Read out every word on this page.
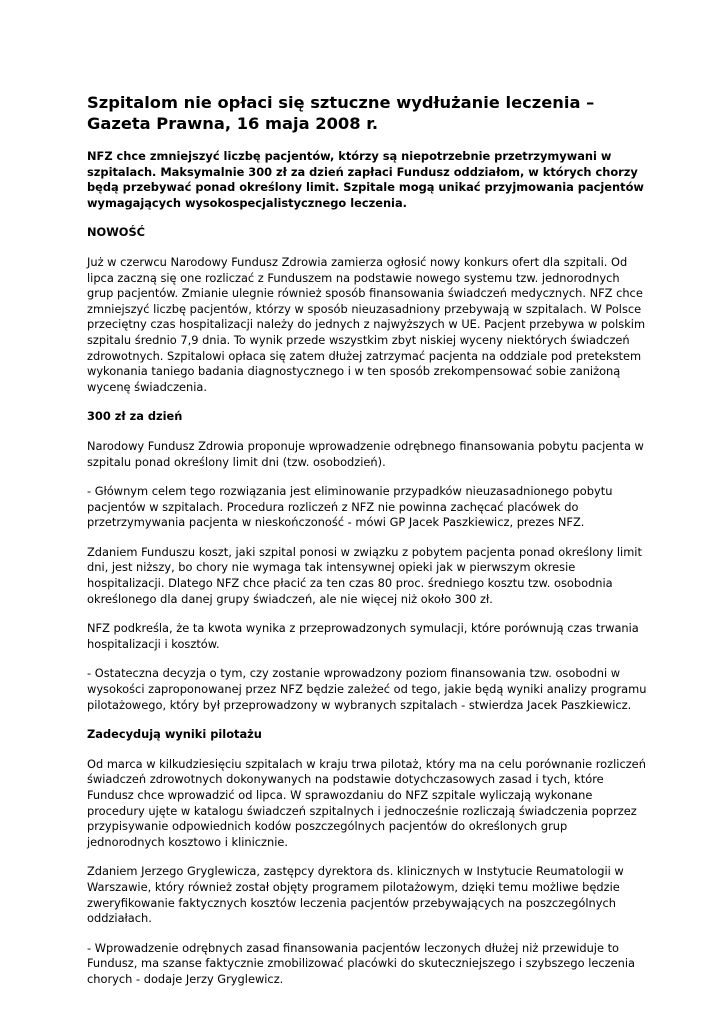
Szpitalom nie opłaci się sztuczne wydłużanie leczenia – Gazeta Prawna, 16 maja 2008 r.

NFZ chce zmniejszyć liczbę pacjentów, którzy są niepotrzebnie przetrzymywani w szpitalach. Maksymalnie 300 zł za dzień zapłaci Fundusz oddziałom, w których chorzy będą przebywać ponad określony limit. Szpitale mogą unikać przyjmowania pacjentów wymagających wysokospecjalistycznego leczenia.

NOWOŚĆ

Już w czerwcu Narodowy Fundusz Zdrowia zamierza ogłosić nowy konkurs ofert dla szpitali. Od lipca zaczną się one rozliczać z Funduszem na podstawie nowego systemu tzw. jednorodnych grup pacjentów. Zmianie ulegnie również sposób finansowania świadczeń medycznych. NFZ chce zmniejszyć liczbę pacjentów, którzy w sposób nieuzasadniony przebywają w szpitalach. W Polsce przeciętny czas hospitalizacji należy do jednych z najwyższych w UE. Pacjent przebywa w polskim szpitalu średnio 7,9 dnia. To wynik przede wszystkim zbyt niskiej wyceny niektórych świadczeń zdrowotnych. Szpitalowi opłaca się zatem dłużej zatrzymać pacjenta na oddziale pod pretekstem wykonania taniego badania diagnostycznego i w ten sposób zrekompensować sobie zaniżoną wycenę świadczenia.

300 zł za dzień

Narodowy Fundusz Zdrowia proponuje wprowadzenie odrębnego finansowania pobytu pacjenta w szpitalu ponad określony limit dni (tzw. osobodzień).

- Głównym celem tego rozwiązania jest eliminowanie przypadków nieuzasadnionego pobytu pacjentów w szpitalach. Procedura rozliczeń z NFZ nie powinna zachęcać placówek do przetrzymywania pacjenta w nieskończoność - mówi GP Jacek Paszkiewicz, prezes NFZ.

Zdaniem Funduszu koszt, jaki szpital ponosi w związku z pobytem pacjenta ponad określony limit dni, jest niższy, bo chory nie wymaga tak intensywnej opieki jak w pierwszym okresie hospitalizacji. Dlatego NFZ chce płacić za ten czas 80 proc. średniego kosztu tzw. osobodnia określonego dla danej grupy świadczeń, ale nie więcej niż około 300 zł.

NFZ podkreśla, że ta kwota wynika z przeprowadzonych symulacji, które porównują czas trwania hospitalizacji i kosztów.

- Ostateczna decyzja o tym, czy zostanie wprowadzony poziom finansowania tzw. osobodni w wysokości zaproponowanej przez NFZ będzie zależeć od tego, jakie będą wyniki analizy programu pilotażowego, który był przeprowadzony w wybranych szpitalach - stwierdza Jacek Paszkiewicz.

Zadecydują wyniki pilotażu

Od marca w kilkudziesięciu szpitalach w kraju trwa pilotaż, który ma na celu porównanie rozliczeń świadczeń zdrowotnych dokonywanych na podstawie dotychczasowych zasad i tych, które Fundusz chce wprowadzić od lipca. W sprawozdaniu do NFZ szpitale wyliczają wykonane procedury ujęte w katalogu świadczeń szpitalnych i jednocześnie rozliczają świadczenia poprzez przypisywanie odpowiednich kodów poszczególnych pacjentów do określonych grup jednorodnych kosztowo i klinicznie.

Zdaniem Jerzego Gryglewicza, zastępcy dyrektora ds. klinicznych w Instytucie Reumatologii w Warszawie, który również został objęty programem pilotażowym, dzięki temu możliwe będzie zweryfikowanie faktycznych kosztów leczenia pacjentów przebywających na poszczególnych oddziałach.

- Wprowadzenie odrębnych zasad finansowania pacjentów leczonych dłużej niż przewiduje to Fundusz, ma szanse faktycznie zmobilizować placówki do skuteczniejszego i szybszego leczenia chorych - dodaje Jerzy Gryglewicz.
